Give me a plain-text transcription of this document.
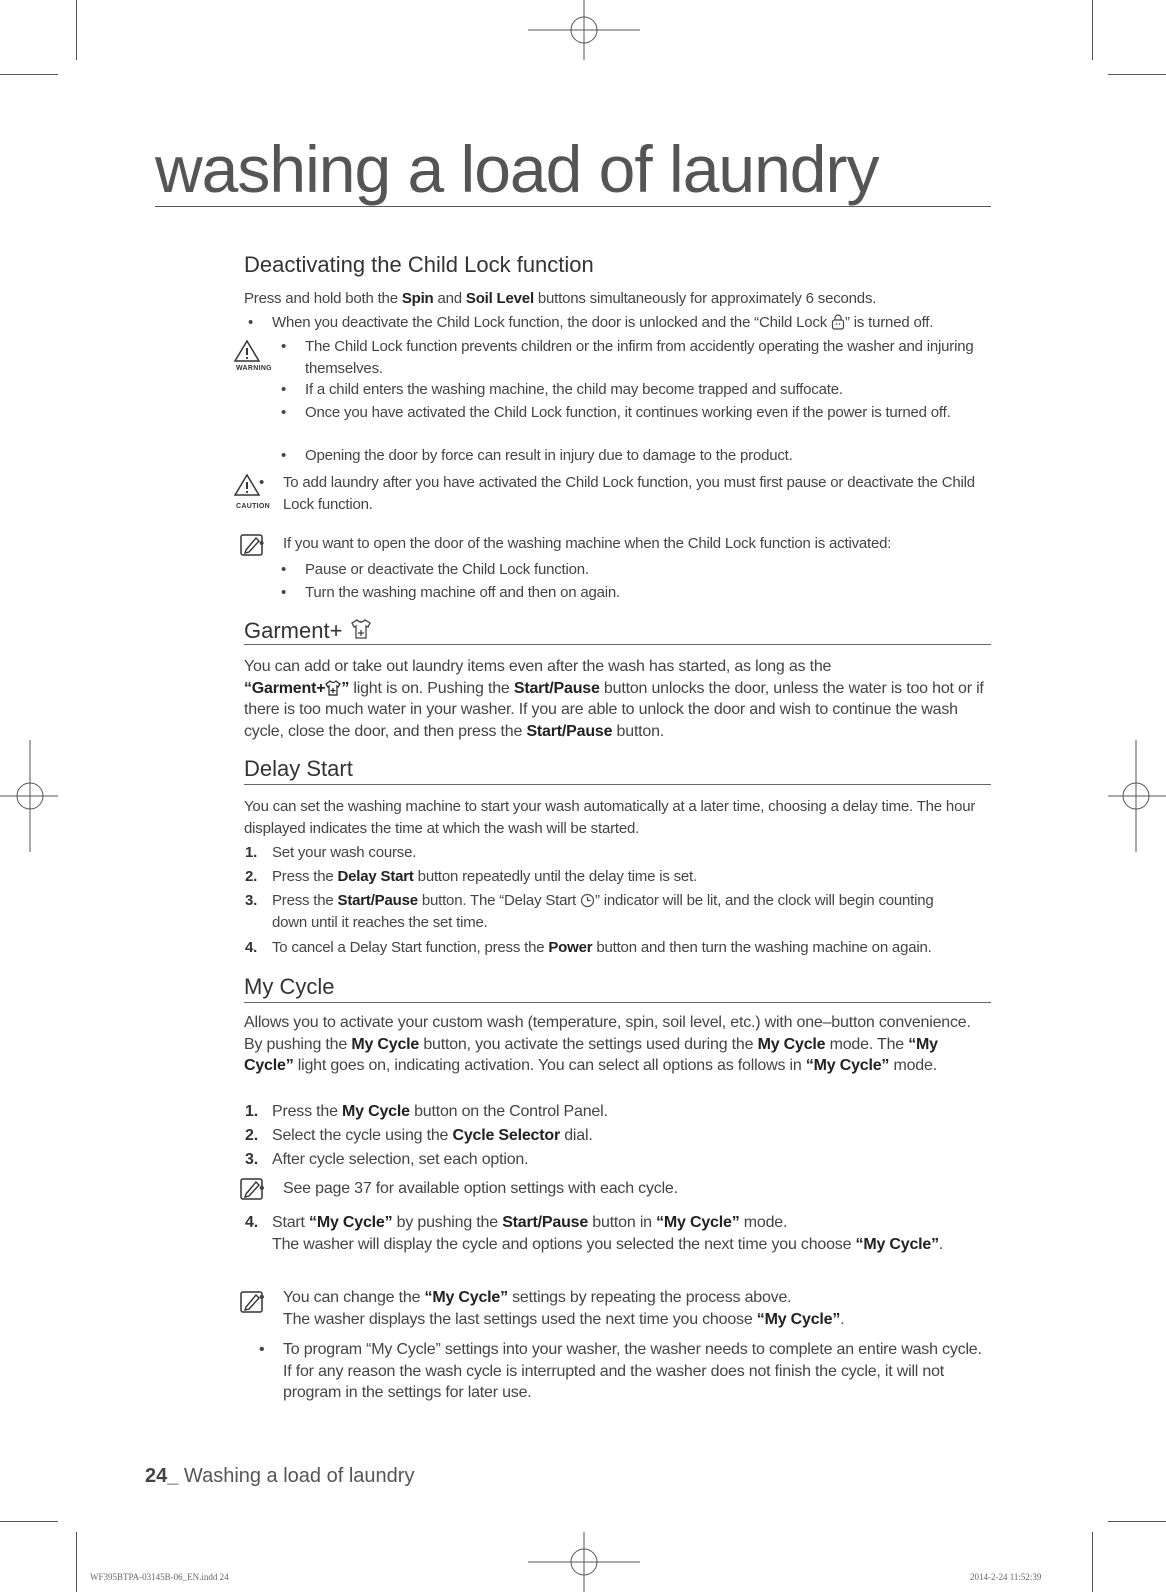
washing a load of laundry
Deactivating the Child Lock function
Press and hold both the Spin and Soil Level buttons simultaneously for approximately 6 seconds.
• When you deactivate the Child Lock function, the door is unlocked and the “Child Lock ” is turned off.
WARNING
• The Child Lock function prevents children or the infirm from accidently operating the washer and injuring themselves.
• If a child enters the washing machine, the child may become trapped and suffocate.
• Once you have activated the Child Lock function, it continues working even if the power is turned off.
• Opening the door by force can result in injury due to damage to the product.
CAUTION
• To add laundry after you have activated the Child Lock function, you must first pause or deactivate the Child Lock function.
• If you want to open the door of the washing machine when the Child Lock function is activated:
• Pause or deactivate the Child Lock function.
• Turn the washing machine off and then on again.
Garment+
You can add or take out laundry items even after the wash has started, as long as the
“Garment+ ” light is on. Pushing the Start/Pause button unlocks the door, unless the water is too hot or if there is too much water in your washer. If you are able to unlock the door and wish to continue the wash cycle, close the door, and then press the Start/Pause button.
Delay Start
You can set the washing machine to start your wash automatically at a later time, choosing a delay time. The hour displayed indicates the time at which the wash will be started.
1. Set your wash course.
2. Press the Delay Start button repeatedly until the delay time is set.
3. Press the Start/Pause button. The “Delay Start ” indicator will be lit, and the clock will begin counting down until it reaches the set time.
4. To cancel a Delay Start function, press the Power button and then turn the washing machine on again.
My Cycle
Allows you to activate your custom wash (temperature, spin, soil level, etc.) with one–button convenience. By pushing the My Cycle button, you activate the settings used during the My Cycle mode. The “My Cycle” light goes on, indicating activation. You can select all options as follows in “My Cycle” mode.
1. Press the My Cycle button on the Control Panel.
2. Select the cycle using the Cycle Selector dial.
3. After cycle selection, set each option.
• See page 37 for available option settings with each cycle.
4. Start “My Cycle” by pushing the Start/Pause button in “My Cycle” mode.
The washer will display the cycle and options you selected the next time you choose “My Cycle”.
• You can change the “My Cycle” settings by repeating the process above.
The washer displays the last settings used the next time you choose “My Cycle”.
• To program “My Cycle” settings into your washer, the washer needs to complete an entire wash cycle. If for any reason the wash cycle is interrupted and the washer does not finish the cycle, it will not program in the settings for later use.
24_ Washing a load of laundry
WF395BTPA-03145B-06_EN.indd 24	2014-2-24 11:52:39
